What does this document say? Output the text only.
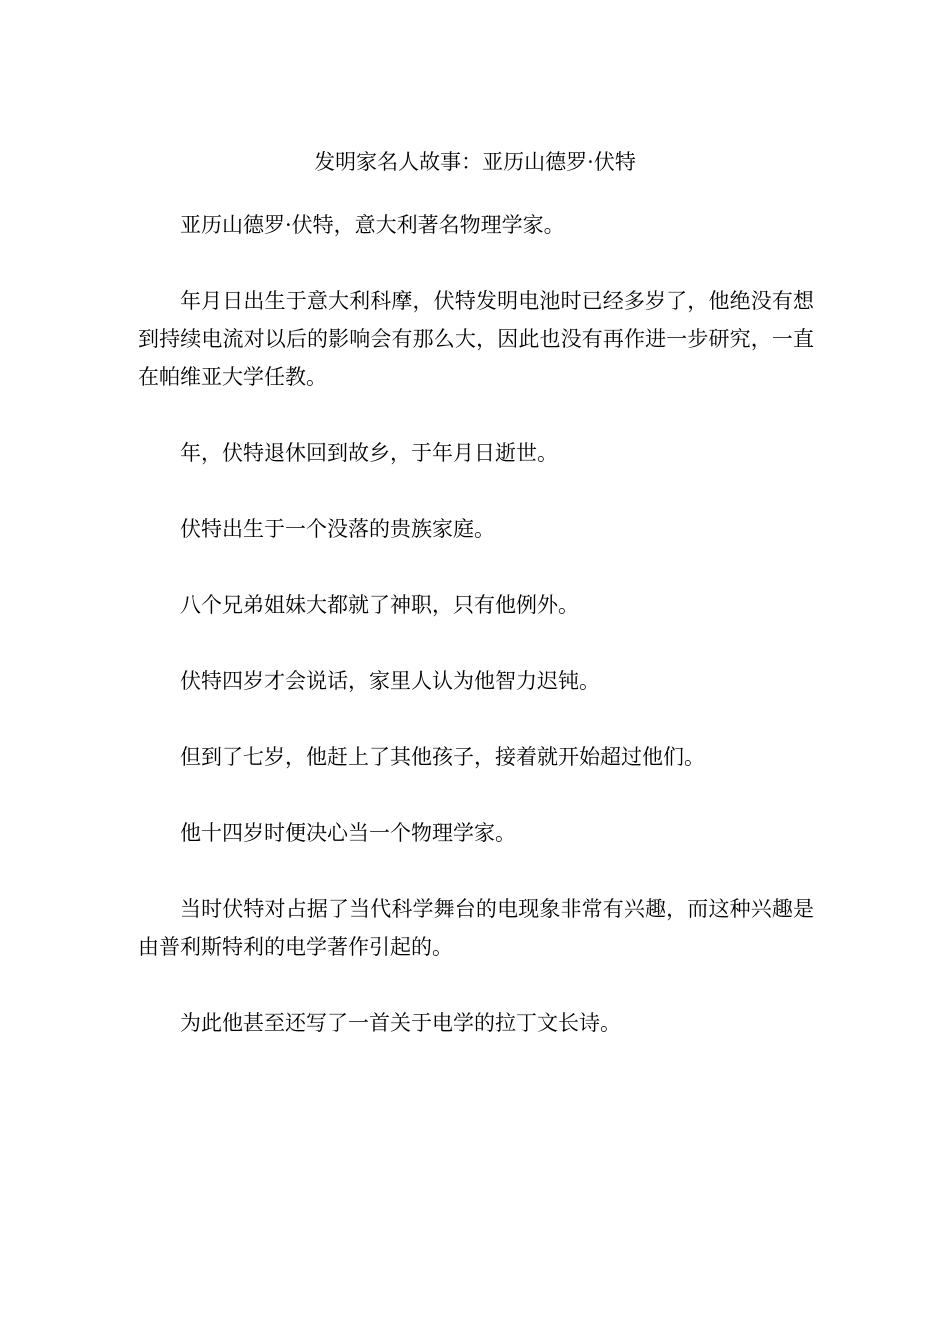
发明家名人故事：亚历山德罗·伏特

亚历山德罗·伏特，意大利著名物理学家。

年月日出生于意大利科摩，伏特发明电池时已经多岁了，他绝没有想到持续电流对以后的影响会有那么大，因此也没有再作进一步研究，一直在帕维亚大学任教。

年，伏特退休回到故乡，于年月日逝世。

伏特出生于一个没落的贵族家庭。

八个兄弟姐妹大都就了神职，只有他例外。

伏特四岁才会说话，家里人认为他智力迟钝。

但到了七岁，他赶上了其他孩子，接着就开始超过他们。

他十四岁时便决心当一个物理学家。

当时伏特对占据了当代科学舞台的电现象非常有兴趣，而这种兴趣是由普利斯特利的电学著作引起的。

为此他甚至还写了一首关于电学的拉丁文长诗。
